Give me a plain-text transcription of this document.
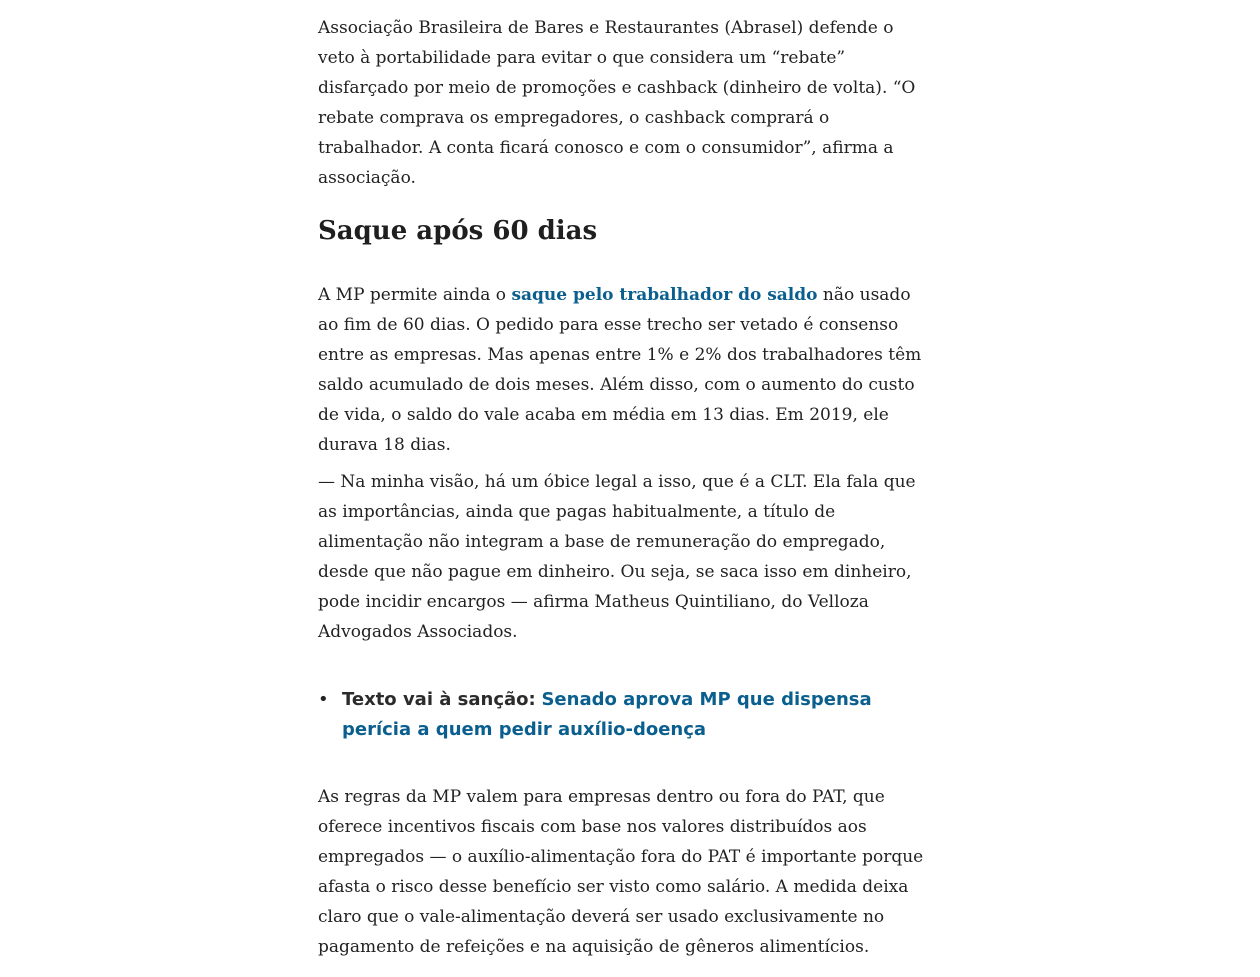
Associação Brasileira de Bares e Restaurantes (Abrasel) defende o veto à portabilidade para evitar o que considera um “rebate” disfarçado por meio de promoções e cashback (dinheiro de volta). “O rebate comprava os empregadores, o cashback comprará o trabalhador. A conta ficará conosco e com o consumidor”, afirma a associação.

Saque após 60 dias

A MP permite ainda o saque pelo trabalhador do saldo não usado ao fim de 60 dias. O pedido para esse trecho ser vetado é consenso entre as empresas. Mas apenas entre 1% e 2% dos trabalhadores têm saldo acumulado de dois meses. Além disso, com o aumento do custo de vida, o saldo do vale acaba em média em 13 dias. Em 2019, ele durava 18 dias.

— Na minha visão, há um óbice legal a isso, que é a CLT. Ela fala que as importâncias, ainda que pagas habitualmente, a título de alimentação não integram a base de remuneração do empregado, desde que não pague em dinheiro. Ou seja, se saca isso em dinheiro, pode incidir encargos — afirma Matheus Quintiliano, do Velloza Advogados Associados.

• Texto vai à sanção: Senado aprova MP que dispensa perícia a quem pedir auxílio-doença

As regras da MP valem para empresas dentro ou fora do PAT, que oferece incentivos fiscais com base nos valores distribuídos aos empregados — o auxílio-alimentação fora do PAT é importante porque afasta o risco desse benefício ser visto como salário. A medida deixa claro que o vale-alimentação deverá ser usado exclusivamente no pagamento de refeições e na aquisição de gêneros alimentícios.
